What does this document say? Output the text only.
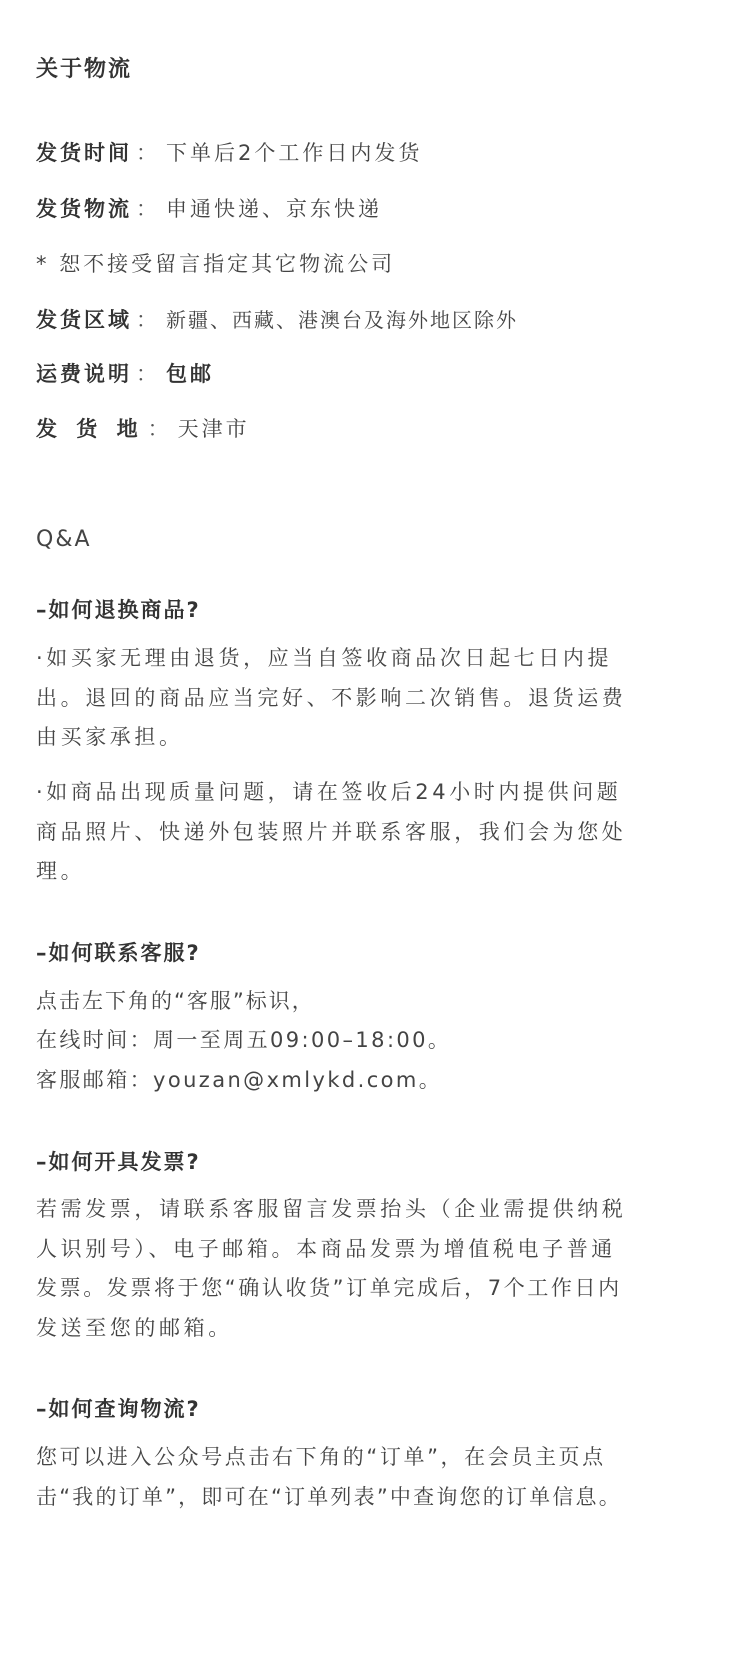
关于物流
发货时间 ： 下单后2个工作日内发货
发货物流 ： 申通快递、京东快递
* 恕不接受留言指定其它物流公司
发货区域 ： 新疆、西藏、港澳台及海外地区除外
运费说明 ： 包邮
发 货 地 ： 天津市
Q&A
–如何退换商品?
·如买家无理由退货，应当自签收商品次日起七日内提
出。退回的商品应当完好、不影响二次销售。退货运费
由买家承担。
·如商品出现质量问题，请在签收后24小时内提供问题
商品照片、快递外包装照片并联系客服，我们会为您处
理。
–如何联系客服?
点击左下角的“客服”标识，
在线时间：周一至周五09:00–18:00。
客服邮箱：youzan@xmlykd.com。
–如何开具发票?
若需发票，请联系客服留言发票抬头（企业需提供纳税
人识别号）、电子邮箱。本商品发票为增值税电子普通
发票。发票将于您“确认收货”订单完成后，7个工作日内
发送至您的邮箱。
–如何查询物流?
您可以进入公众号点击右下角的“订单”，在会员主页点
击“我的订单”，即可在“订单列表”中查询您的订单信息。
